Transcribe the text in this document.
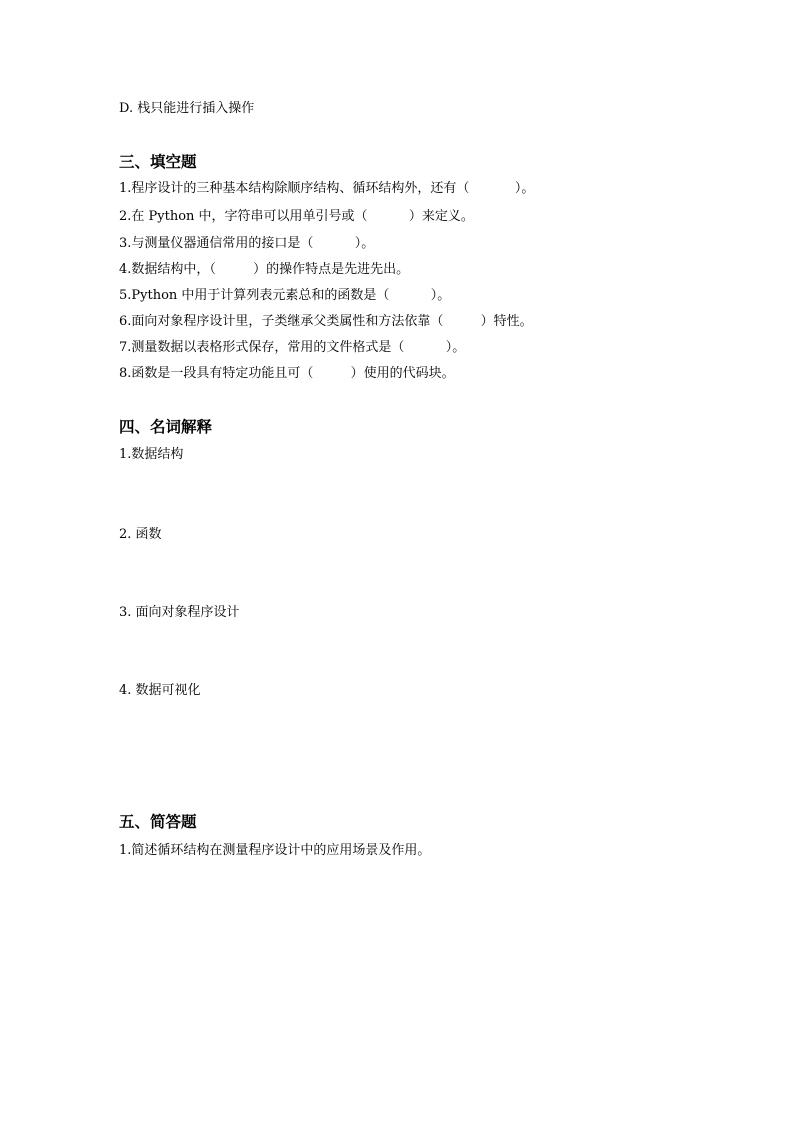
D. 栈只能进行插入操作
三、填空题
1.程序设计的三种基本结构除顺序结构、循环结构外，还有（           ）。
2.在 Python 中，字符串可以用单引号或（          ）来定义。
3.与测量仪器通信常用的接口是（          ）。
4.数据结构中，（         ）的操作特点是先进先出。
5.Python 中用于计算列表元素总和的函数是（          ）。
6.面向对象程序设计里，子类继承父类属性和方法依靠（         ）特性。
7.测量数据以表格形式保存，常用的文件格式是（          ）。
8.函数是一段具有特定功能且可（         ）使用的代码块。
四、名词解释
1.数据结构
2. 函数
3. 面向对象程序设计
4. 数据可视化
五、简答题
1.简述循环结构在测量程序设计中的应用场景及作用。
